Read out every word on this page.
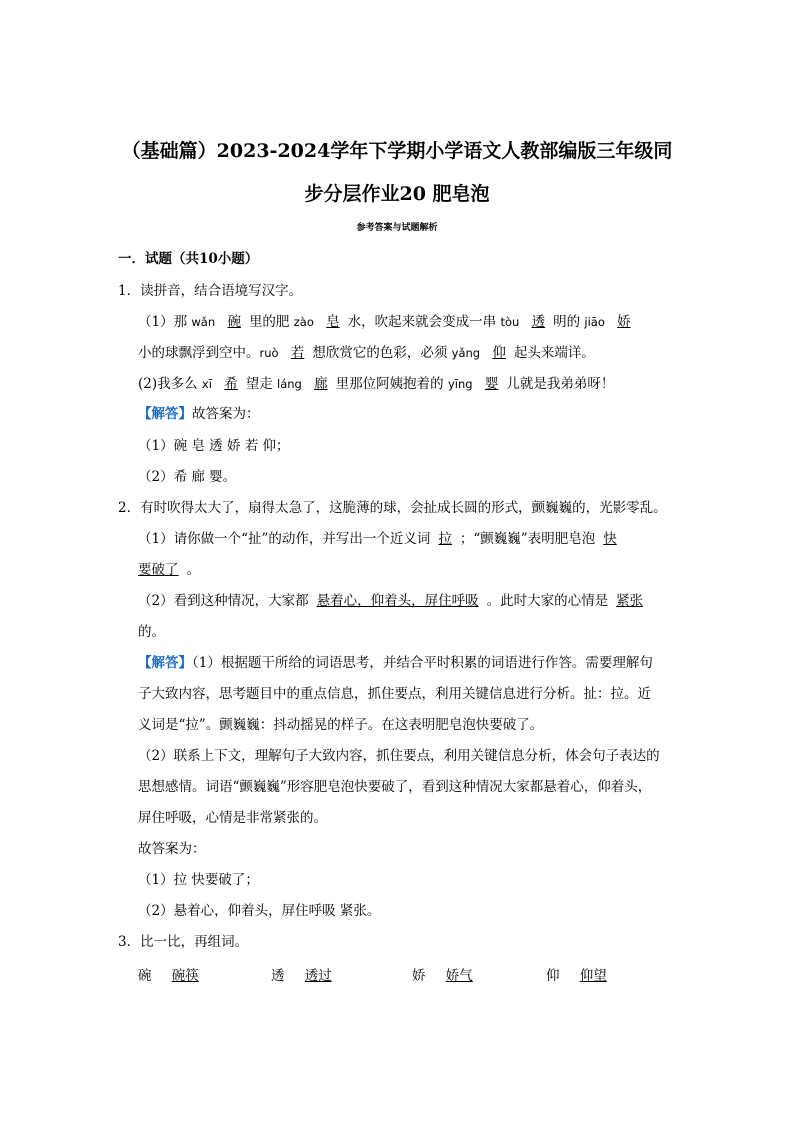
（基础篇）2023-2024学年下学期小学语文人教部编版三年级同
步分层作业20 肥皂泡
参考答案与试题解析
一．试题（共10小题）
1．读拼音，结合语境写汉字。
（1）那 wǎn 碗 里的肥 zào 皂 水，吹起来就会变成一串 tòu 透 明的 jiāo 娇
小的球飘浮到空中。ruò 若 想欣赏它的色彩，必须 yǎng 仰 起头来端详。
(2)我多么 xī 希 望走 láng 廊 里那位阿姨抱着的 yīng 婴 儿就是我弟弟呀！
【解答】故答案为：
（1）碗 皂 透 娇 若 仰；
（2）希 廊 婴。
2．有时吹得太大了，扇得太急了，这脆薄的球，会扯成长圆的形式，颤巍巍的，光影零乱。
（1）请你做一个“扯”的动作，并写出一个近义词 拉 ；“颤巍巍”表明肥皂泡 快
要破了 。
（2）看到这种情况，大家都 悬着心，仰着头，屏住呼吸 。此时大家的心情是 紧张
的。
【解答】（1）根据题干所给的词语思考，并结合平时积累的词语进行作答。需要理解句
子大致内容，思考题目中的重点信息，抓住要点，利用关键信息进行分析。扯：拉。近
义词是“拉”。颤巍巍：抖动摇晃的样子。在这表明肥皂泡快要破了。
（2）联系上下文，理解句子大致内容，抓住要点，利用关键信息分析，体会句子表达的
思想感情。词语“颤巍巍”形容肥皂泡快要破了，看到这种情况大家都悬着心，仰着头，
屏住呼吸，心情是非常紧张的。
故答案为：
（1）拉 快要破了；
（2）悬着心，仰着头，屏住呼吸 紧张。
3．比一比，再组词。
碗 碗筷	透 透过	娇 娇气	仰 仰望
